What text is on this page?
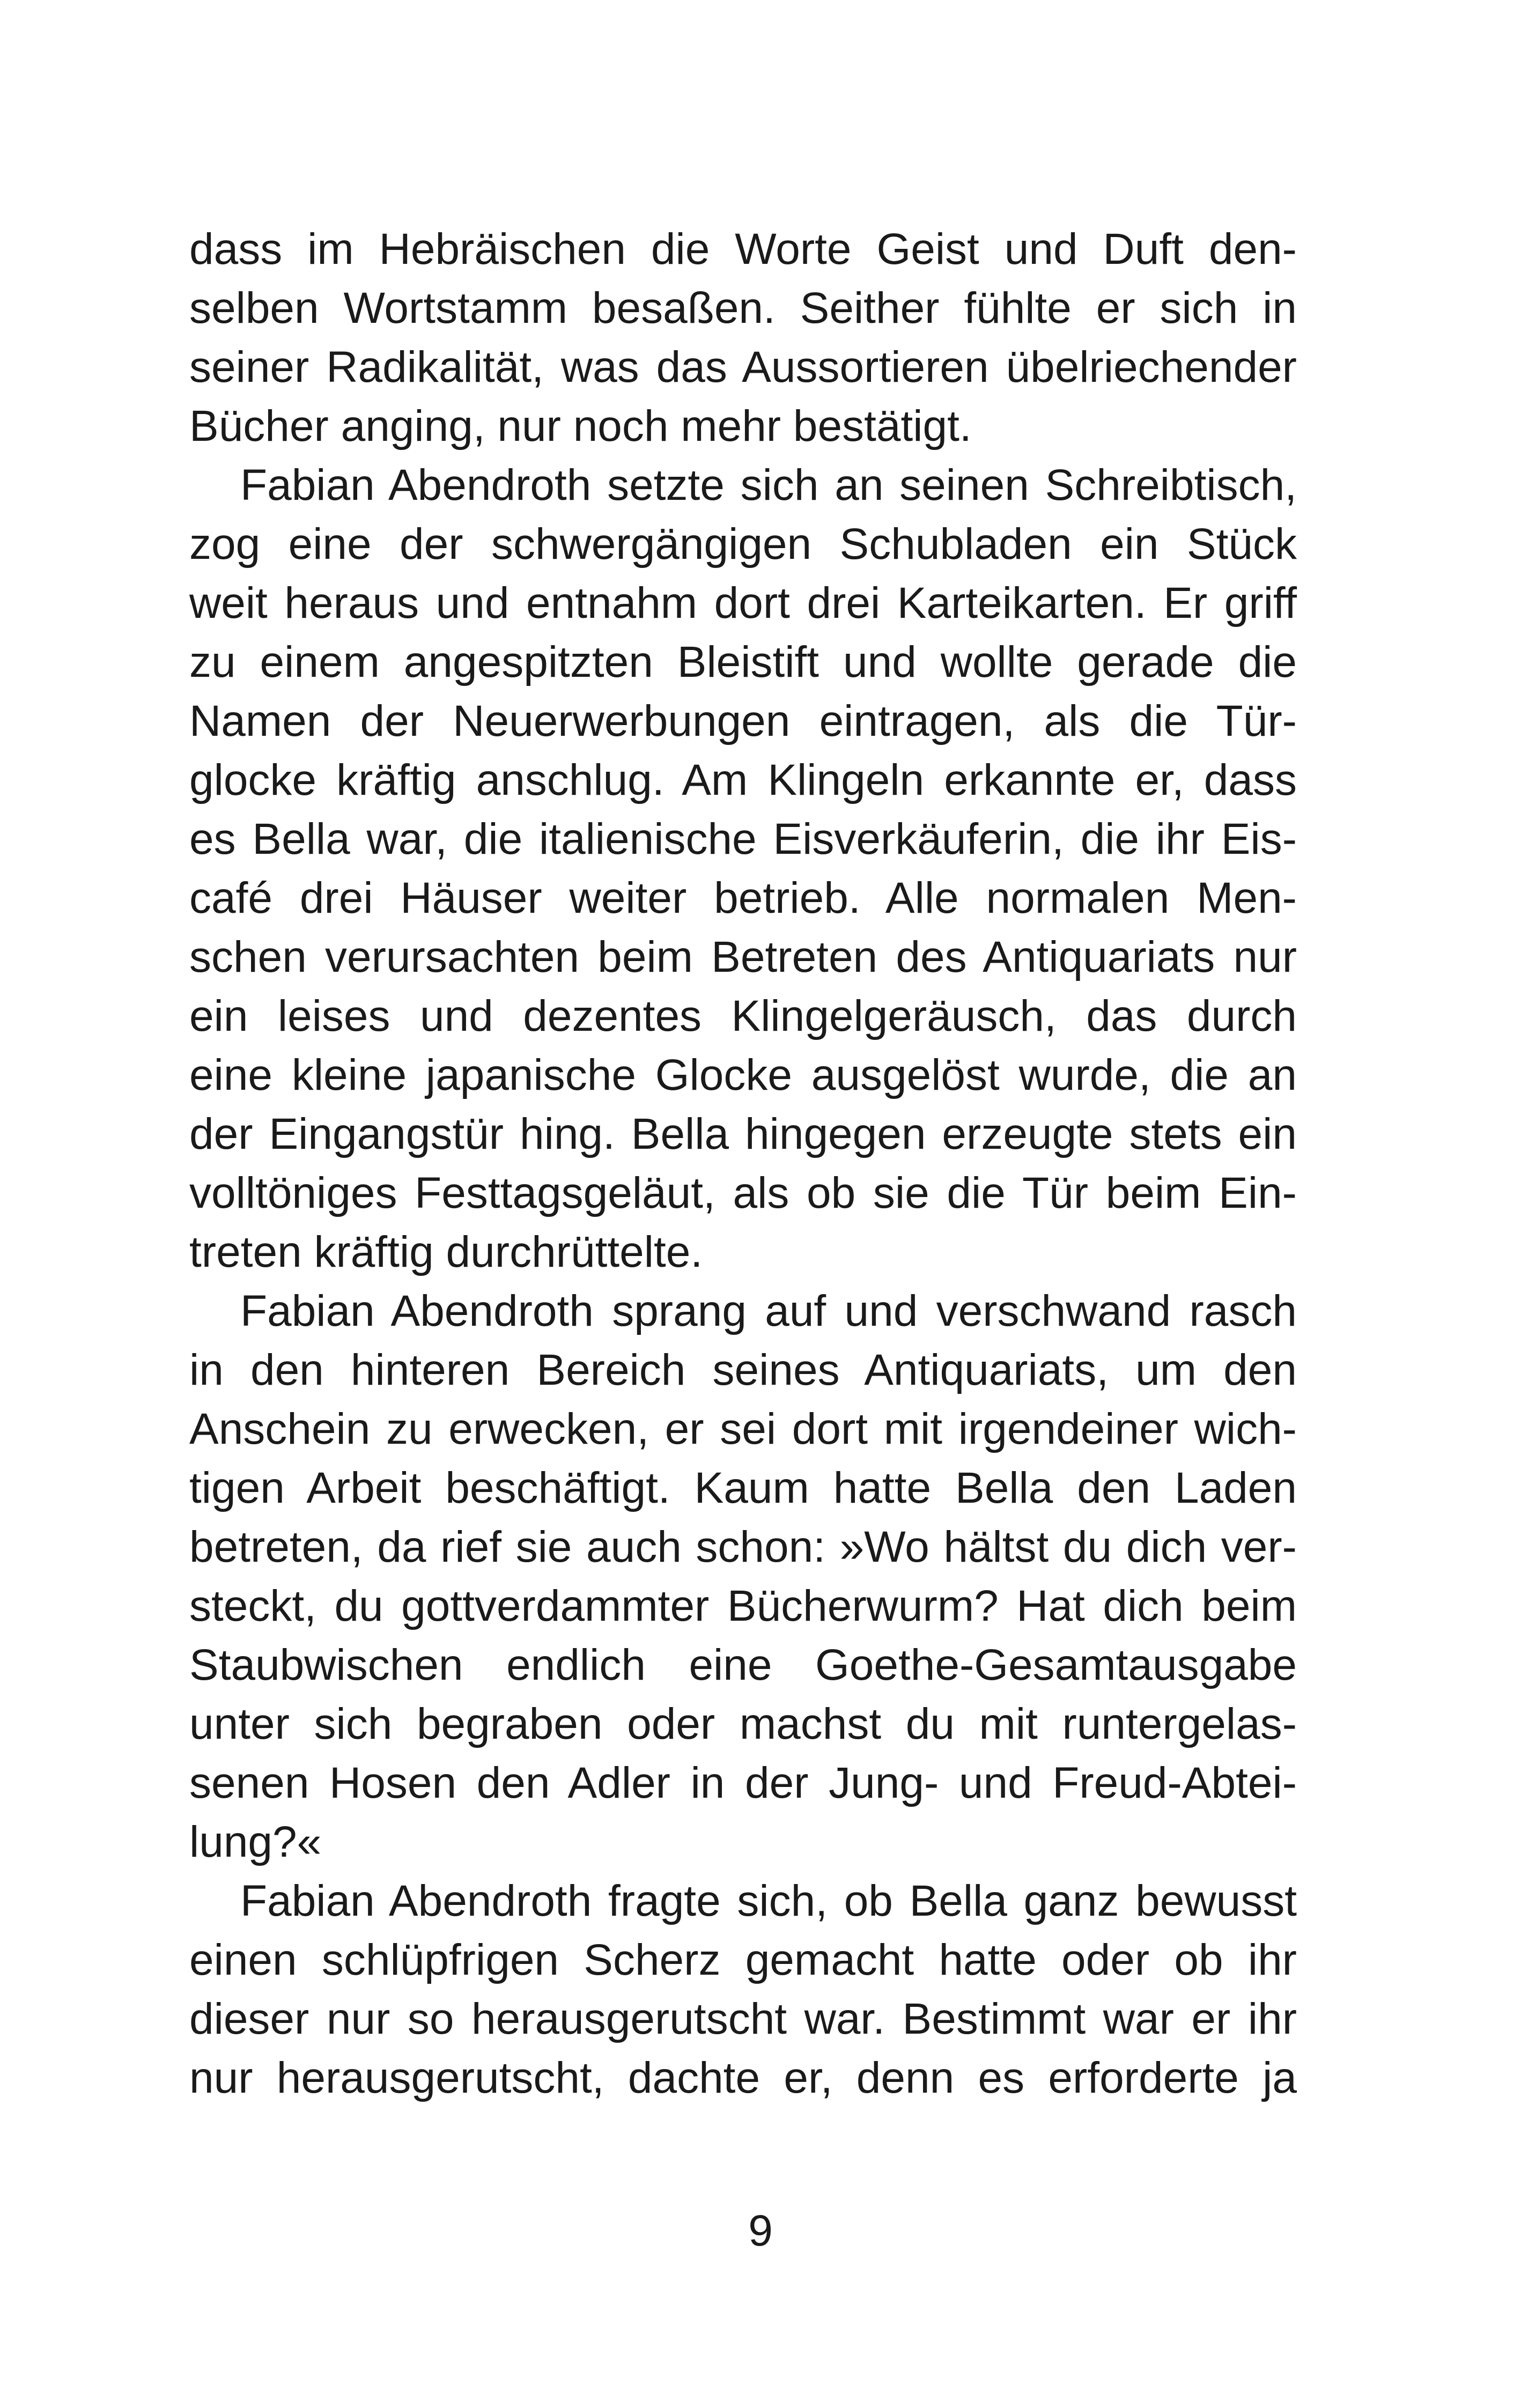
dass im Hebräischen die Worte Geist und Duft den-
selben Wortstamm besaßen. Seither fühlte er sich in
seiner Radikalität, was das Aussortieren übelriechender
Bücher anging, nur noch mehr bestätigt.
Fabian Abendroth setzte sich an seinen Schreibtisch,
zog eine der schwergängigen Schubladen ein Stück
weit heraus und entnahm dort drei Karteikarten. Er griff
zu einem angespitzten Bleistift und wollte gerade die
Namen der Neuerwerbungen eintragen, als die Tür-
glocke kräftig anschlug. Am Klingeln erkannte er, dass
es Bella war, die italienische Eisverkäuferin, die ihr Eis-
café drei Häuser weiter betrieb. Alle normalen Men-
schen verursachten beim Betreten des Antiquariats nur
ein leises und dezentes Klingelgeräusch, das durch
eine kleine japanische Glocke ausgelöst wurde, die an
der Eingangstür hing. Bella hingegen erzeugte stets ein
volltöniges Festtagsgeläut, als ob sie die Tür beim Ein-
treten kräftig durchrüttelte.
Fabian Abendroth sprang auf und verschwand rasch
in den hinteren Bereich seines Antiquariats, um den
Anschein zu erwecken, er sei dort mit irgendeiner wich-
tigen Arbeit beschäftigt. Kaum hatte Bella den Laden
betreten, da rief sie auch schon: »Wo hältst du dich ver-
steckt, du gottverdammter Bücherwurm? Hat dich beim
Staubwischen endlich eine Goethe-Gesamtausgabe
unter sich begraben oder machst du mit runtergelas-
senen Hosen den Adler in der Jung- und Freud-Abtei-
lung?«
Fabian Abendroth fragte sich, ob Bella ganz bewusst
einen schlüpfrigen Scherz gemacht hatte oder ob ihr
dieser nur so herausgerutscht war. Bestimmt war er ihr
nur herausgerutscht, dachte er, denn es erforderte ja
9
